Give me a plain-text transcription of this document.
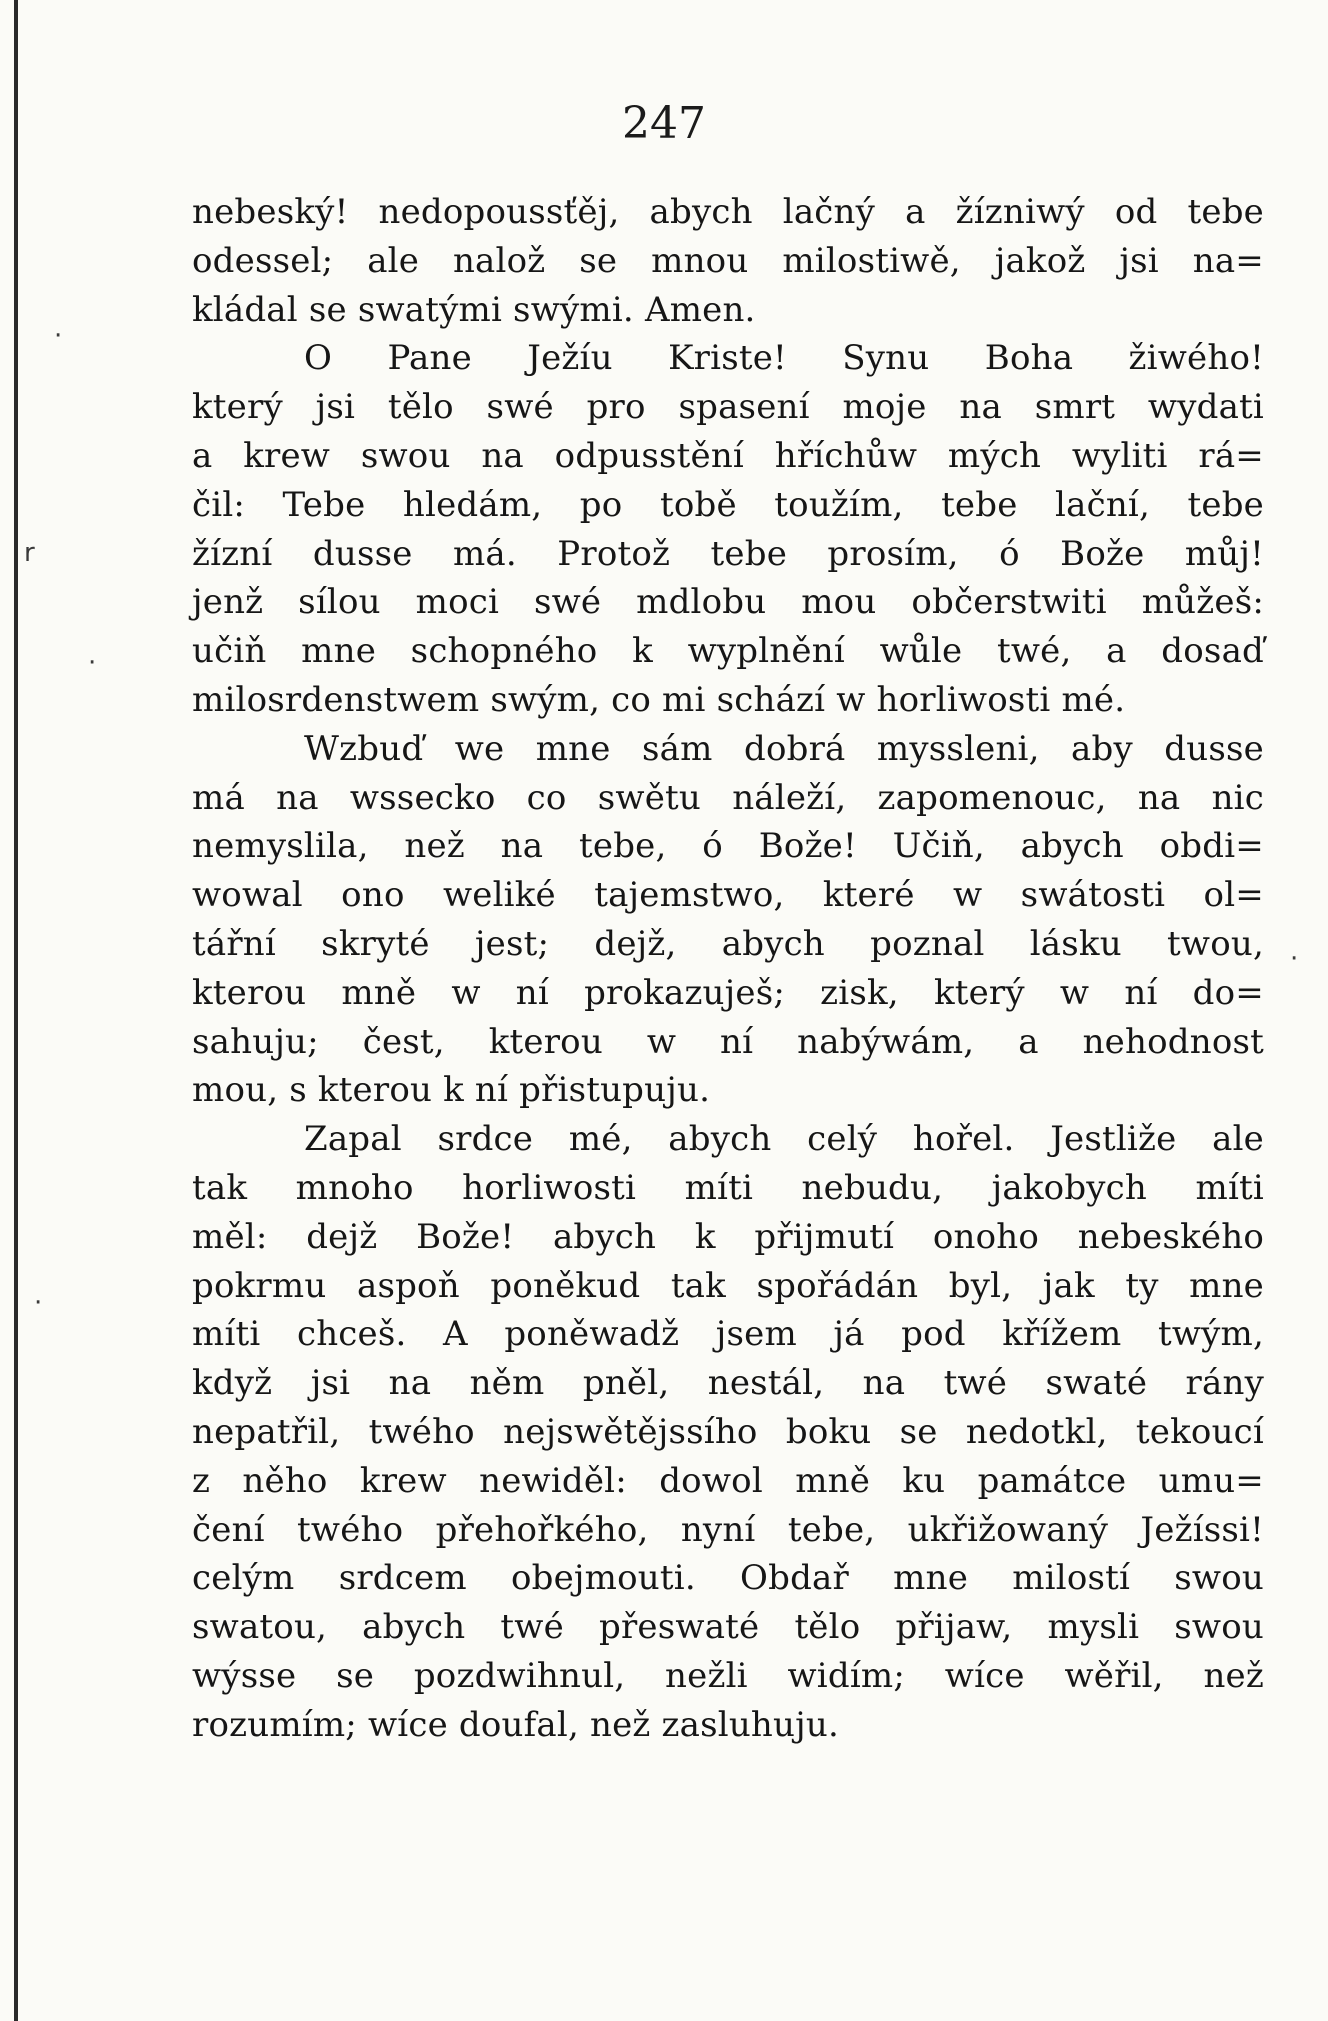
·
r
·
·
·
247
nebeský! nedopoussťěj, abych lačný a žízniwý od tebe
odessel; ale nalož se mnou milostiwě, jakož jsi na=
kládal se swatými swými. Amen.
O Pane Ježíu Kriste! Synu Boha žiwého!
který jsi tělo swé pro spasení moje na smrt wydati
a krew swou na odpusstění hříchůw mých wyliti rá=
čil: Tebe hledám, po tobě toužím, tebe lační, tebe
žízní dusse má. Protož tebe prosím, ó Bože můj!
jenž sílou moci swé mdlobu mou občerstwiti můžeš:
učiň mne schopného k wyplnění wůle twé, a dosaď
milosrdenstwem swým, co mi schází w horliwosti mé.
Wzbuď we mne sám dobrá myssleni, aby dusse
má na wssecko co swětu náleží, zapomenouc, na nic
nemyslila, než na tebe, ó Bože! Učiň, abych obdi=
wowal ono weliké tajemstwo, které w swátosti ol=
tářní skryté jest; dejž, abych poznal lásku twou,
kterou mně w ní prokazuješ; zisk, který w ní do=
sahuju; čest, kterou w ní nabýwám, a nehodnost
mou, s kterou k ní přistupuju.
Zapal srdce mé, abych celý hořel. Jestliže ale
tak mnoho horliwosti míti nebudu, jakobych míti
měl: dejž Bože! abych k přijmutí onoho nebeského
pokrmu aspoň poněkud tak spořádán byl, jak ty mne
míti chceš. A poněwadž jsem já pod křížem twým,
když jsi na něm pněl, nestál, na twé swaté rány
nepatřil, twého nejswětějssího boku se nedotkl, tekoucí
z něho krew newiděl: dowol mně ku památce umu=
čení twého přehořkého, nyní tebe, ukřižowaný Ježíssi!
celým srdcem obejmouti. Obdař mne milostí swou
swatou, abych twé přeswaté tělo přijaw, mysli swou
wýsse se pozdwihnul, nežli widím; wíce wěřil, než
rozumím; wíce doufal, než zasluhuju.
